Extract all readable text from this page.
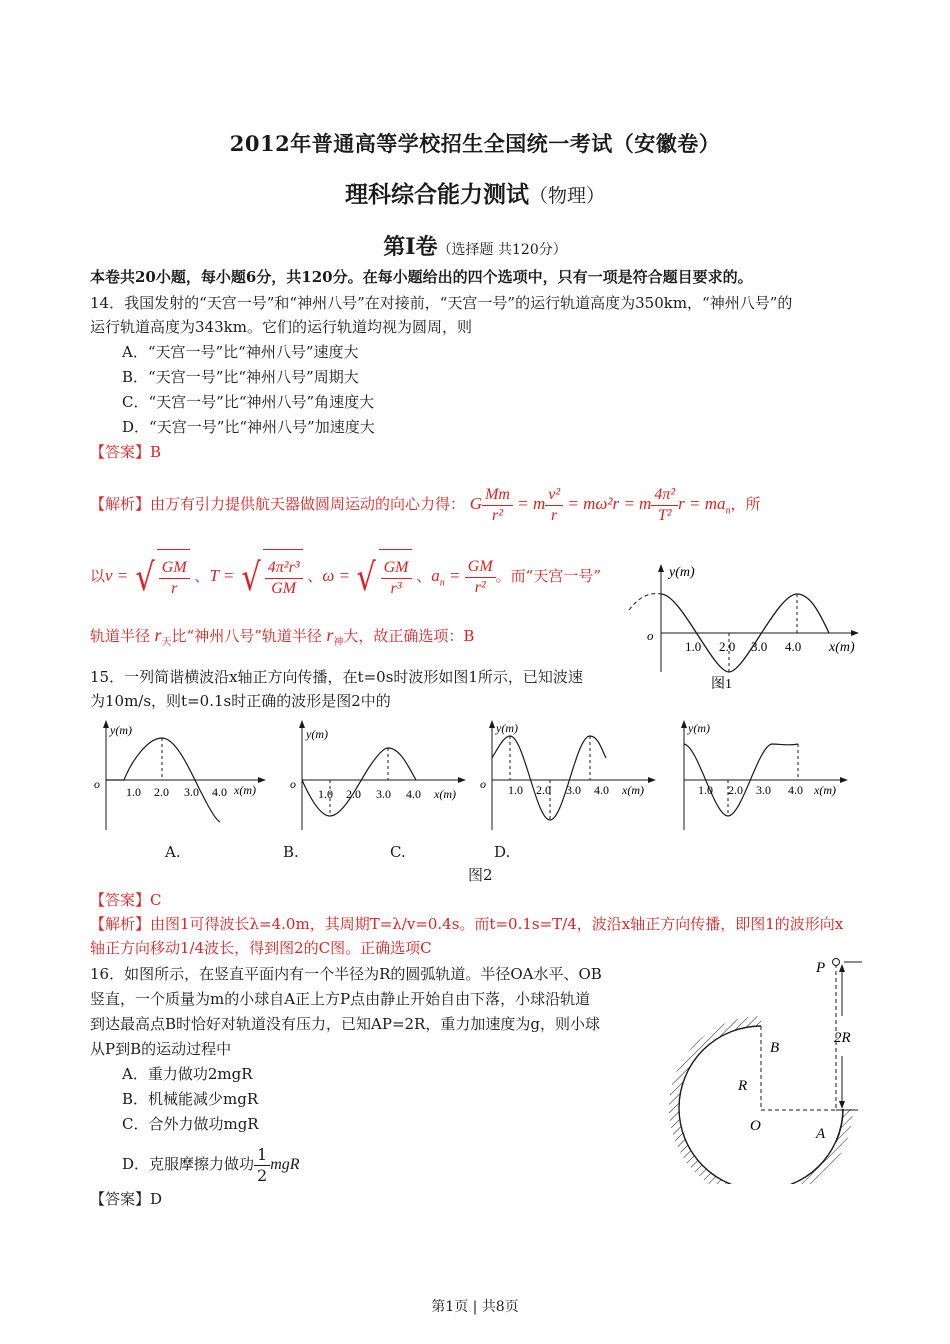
2012年普通高等学校招生全国统一考试（安徽卷）
理科综合能力测试（物理）
第I卷（选择题 共120分）
本卷共20小题，每小题6分，共120分。在每小题给出的四个选项中，只有一项是符合题目要求的。
14．我国发射的“天宫一号”和“神州八号”在对接前，“天宫一号”的运行轨道高度为350km，“神州八号”的
运行轨道高度为343km。它们的运行轨道均视为圆周，则
A．“天宫一号”比“神州八号”速度大
B．“天宫一号”比“神州八号”周期大
C．“天宫一号”比“神州八号”角速度大
D．“天宫一号”比“神州八号”加速度大
【答案】B
【解析】由万有引力提供航天器做圆周运动的向心力得： G $\frac{Mm}{\text{r²}} = m \frac{\text{v²}}{r} = m\omega^2r = m \frac{\text{4π²}}{\text{T²}}$ $r = ma_n$，所
以v = √ $\frac{GM}{r}$ 、T = √ $\frac{\text{4π²r³}}{GM}$ 、ω = √ $\frac{GM}{\text{r³}}$ 、$a_n = \frac{GM}{\text{r²}}$ 。而“天宫一号”
轨道半径 $r_天$比“神州八号”轨道半径 $r_神$大，故正确选项：B
y(m)
o
1.0 2.0 3.0 4.0 x(m)
图1
15．一列简谐横波沿x轴正方向传播，在t=0s时波形如图1所示，已知波速
为10m/s，则t=0.1s时正确的波形是图2中的
y(m)
o
1.0 2.0 3.0 4.0 x(m)
y(m)
o
1.0 2.0 3.0 4.0 x(m)
y(m)
o 1.0 2.0 3.0 4.0 x(m)
y(m)
1.0 2.0 3.0 4.0 x(m)
A.	B.	C.	D.
图2
【答案】C
【解析】由图1可得波长λ=4.0m，其周期T=λ/v=0.4s。而t=0.1s=T/4，波沿x轴正方向传播，即图1的波形向x
轴正方向移动1/4波长，得到图2的C图。正确选项C
16．如图所示，在竖直平面内有一个半径为R的圆弧轨道。半径OA水平、OB
竖直，一个质量为m的小球自A正上方P点由静止开始自由下落，小球沿轨道
到达最高点B时恰好对轨道没有压力，已知AP=2R，重力加速度为g，则小球
从P到B的运动过程中
A．重力做功2mgR
B．机械能减少mgR
C．合外力做功mgR
D．克服摩擦力做功 $\frac{1}{2}$ mgR
【答案】D
P
B
R
O	A
2R
第1页 | 共8页
